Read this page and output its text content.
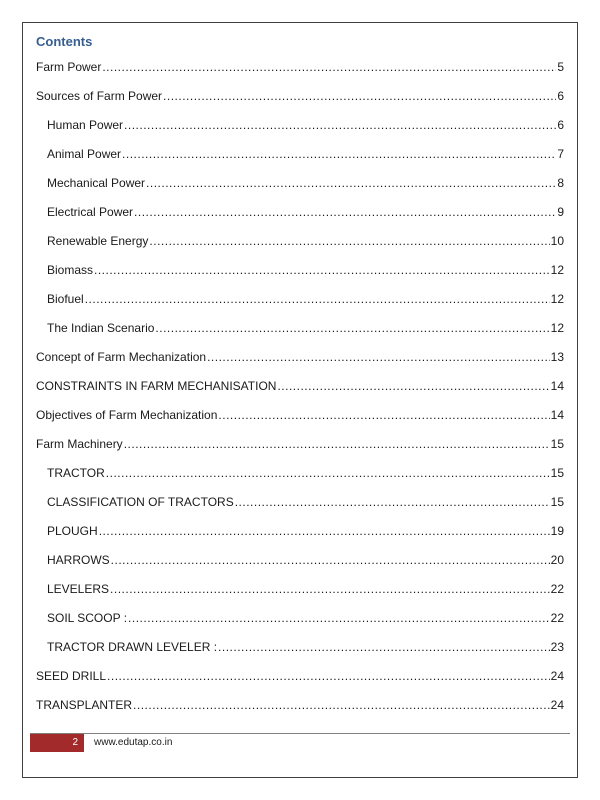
Contents
Farm Power .....	5
Sources of Farm Power .....	6
Human Power .....	6
Animal Power .....	7
Mechanical Power .....	8
Electrical Power .....	9
Renewable Energy .....	10
Biomass .....	12
Biofuel .....	12
The Indian Scenario .....	12
Concept of Farm Mechanization .....	13
CONSTRAINTS IN FARM MECHANISATION .....	14
Objectives of Farm Mechanization .....	14
Farm Machinery .....	15
TRACTOR .....	15
CLASSIFICATION OF TRACTORS .....	15
PLOUGH .....	19
HARROWS .....	20
LEVELERS .....	22
SOIL SCOOP : .....	22
TRACTOR DRAWN LEVELER : .....	23
SEED DRILL .....	24
TRANSPLANTER .....	24
2	www.edutap.co.in
